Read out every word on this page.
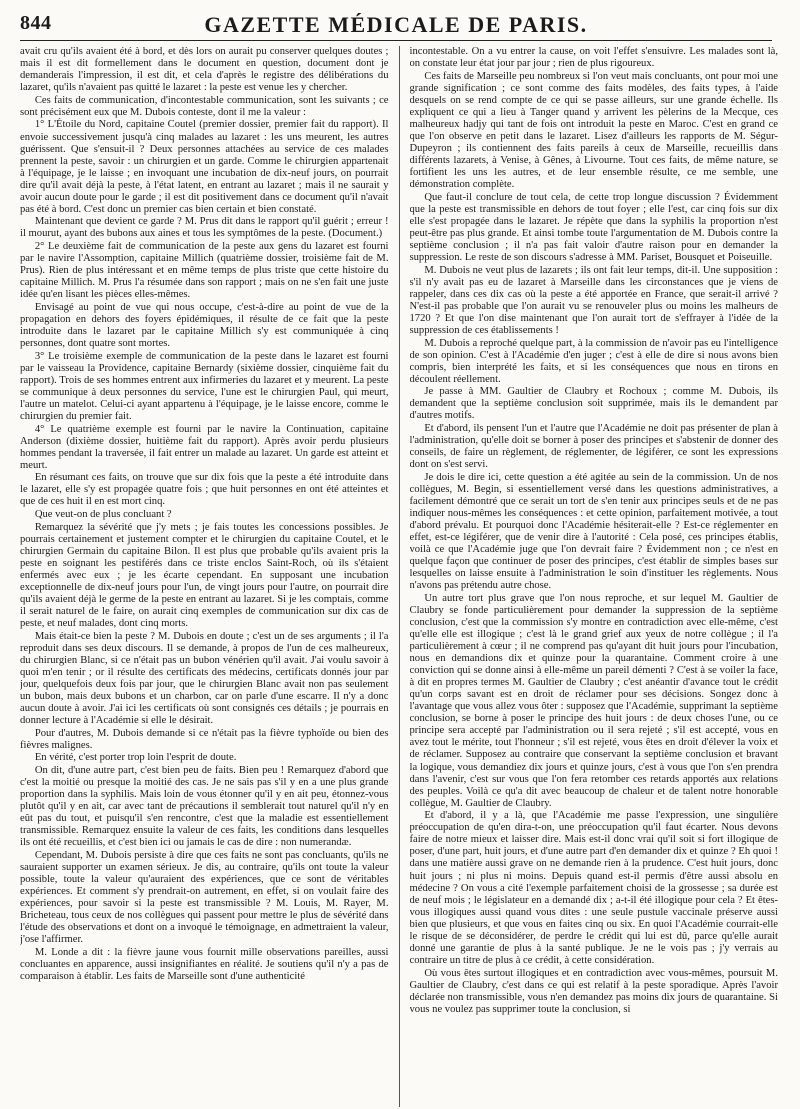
844	GAZETTE MÉDICALE DE PARIS.

avait cru qu'ils avaient été à bord, et dès lors on aurait pu conserver quelques doutes ; mais il est dit formellement dans le document en question, document dont je demanderais l'impression, il est dit, et cela d'après le registre des délibérations du lazaret, qu'ils n'avaient pas quitté le lazaret : la peste est venue les y chercher.

Ces faits de communication, d'incontestable communication, sont les suivants ; ce sont précisément eux que M. Dubois conteste, dont il me la valeur :

1° L'Étoile du Nord, capitaine Coutel (premier dossier, premier fait du rapport). Il envoie successivement jusqu'à cinq malades au lazaret : les uns meurent, les autres guérissent. Que s'ensuit-il ? Deux personnes attachées au service de ces malades prennent la peste, savoir : un chirurgien et un garde. Comme le chirurgien appartenait à l'équipage, je le laisse ; en invoquant une incubation de dix-neuf jours, on pourrait dire qu'il avait déjà la peste, à l'état latent, en entrant au lazaret ; mais il ne saurait y avoir aucun doute pour le garde ; il est dit positivement dans ce document qu'il n'avait pas été à bord. C'est donc un premier cas bien certain et bien constaté.

Maintenant que devient ce garde ? M. Prus dit dans le rapport qu'il guérit ; erreur ! il mourut, ayant des bubons aux aines et tous les symptômes de la peste. (Document.)

2° Le deuxième fait de communication de la peste aux gens du lazaret est fourni par le navire l'Assomption, capitaine Millich (quatrième dossier, troisième fait de M. Prus). Rien de plus intéressant et en même temps de plus triste que cette histoire du capitaine Millich. M. Prus l'a résumée dans son rapport ; mais on ne s'en fait une juste idée qu'en lisant les pièces elles-mêmes.

Envisagé au point de vue qui nous occupe, c'est-à-dire au point de vue de la propagation en dehors des foyers épidémiques, il résulte de ce fait que la peste introduite dans le lazaret par le capitaine Millich s'y est communiquée à cinq personnes, dont quatre sont mortes.

3° Le troisième exemple de communication de la peste dans le lazaret est fourni par le vaisseau la Providence, capitaine Bernardy (sixième dossier, cinquième fait du rapport). Trois de ses hommes entrent aux infirmeries du lazaret et y meurent. La peste se communique à deux personnes du service, l'une est le chirurgien Paul, qui meurt, l'autre un matelot. Celui-ci ayant appartenu à l'équipage, je le laisse encore, comme le chirurgien du premier fait.

4° Le quatrième exemple est fourni par le navire la Continuation, capitaine Anderson (dixième dossier, huitième fait du rapport). Après avoir perdu plusieurs hommes pendant la traversée, il fait entrer un malade au lazaret. Un garde est atteint et meurt.

En résumant ces faits, on trouve que sur dix fois que la peste a été introduite dans le lazaret, elle s'y est propagée quatre fois ; que huit personnes en ont été atteintes et que de ces huit il en est mort cinq.

Que veut-on de plus concluant ?

Remarquez la sévérité que j'y mets ; je fais toutes les concessions possibles. Je pourrais certainement et justement compter et le chirurgien du capitaine Coutel, et le chirurgien Germain du capitaine Bilon. Il est plus que probable qu'ils avaient pris la peste en soignant les pestiférés dans ce triste enclos Saint-Roch, où ils s'étaient enfermés avec eux ; je les écarte cependant. En supposant une incubation exceptionnelle de dix-neuf jours pour l'un, de vingt jours pour l'autre, on pourrait dire qu'ils avaient déjà le germe de la peste en entrant au lazaret. Si je les comptais, comme il serait naturel de le faire, on aurait cinq exemples de communication sur dix cas de peste, et neuf malades, dont cinq morts.

Mais était-ce bien la peste ? M. Dubois en doute ; c'est un de ses arguments ; il l'a reproduit dans ses deux discours. Il se demande, à propos de l'un de ces malheureux, du chirurgien Blanc, si ce n'était pas un bubon vénérien qu'il avait. J'ai voulu savoir à quoi m'en tenir ; or il résulte des certificats des médecins, certificats donnés jour par jour, quelquefois deux fois par jour, que le chirurgien Blanc avait non pas seulement un bubon, mais deux bubons et un charbon, car on parle d'une escarre. Il n'y a donc aucun doute à avoir. J'ai ici les certificats où sont consignés ces détails ; je pourrais en donner lecture à l'Académie si elle le désirait.

Pour d'autres, M. Dubois demande si ce n'était pas la fièvre typhoïde ou bien des fièvres malignes.

En vérité, c'est porter trop loin l'esprit de doute.

On dit, d'une autre part, c'est bien peu de faits. Bien peu ! Remarquez d'abord que c'est la moitié ou presque la moitié des cas. Je ne sais pas s'il y en a une plus grande proportion dans la syphilis. Mais loin de vous étonner qu'il y en ait peu, étonnez-vous plutôt qu'il y en ait, car avec tant de précautions il semblerait tout naturel qu'il n'y en eût pas du tout, et puisqu'il s'en rencontre, c'est que la maladie est essentiellement transmissible. Remarquez ensuite la valeur de ces faits, les conditions dans lesquelles ils ont été recueillis, et c'est bien ici ou jamais le cas de dire : non numerandæ.

Cependant, M. Dubois persiste à dire que ces faits ne sont pas concluants, qu'ils ne sauraient supporter un examen sérieux. Je dis, au contraire, qu'ils ont toute la valeur possible, toute la valeur qu'auraient des expériences, que ce sont de véritables expériences. Et comment s'y prendrait-on autrement, en effet, si on voulait faire des expériences, pour savoir si la peste est transmissible ? M. Louis, M. Rayer, M. Bricheteau, tous ceux de nos collègues qui passent pour mettre le plus de sévérité dans l'étude des observations et dont on a invoqué le témoignage, en admettraient la valeur, j'ose l'affirmer.

M. Londe a dit : la fièvre jaune vous fournit mille observations pareilles, aussi concluantes en apparence, aussi insignifiantes en réalité. Je soutiens qu'il n'y a pas de comparaison à établir. Les faits de Marseille sont d'une authenticité

incontestable. On a vu entrer la cause, on voit l'effet s'ensuivre. Les malades sont là, on constate leur état jour par jour ; rien de plus rigoureux.

Ces faits de Marseille peu nombreux si l'on veut mais concluants, ont pour moi une grande signification ; ce sont comme des faits modèles, des faits types, à l'aide desquels on se rend compte de ce qui se passe ailleurs, sur une grande échelle. Ils expliquent ce qui a lieu à Tanger quand y arrivent les pèlerins de la Mecque, ces malheureux hadjy qui tant de fois ont introduit la peste en Maroc. C'est en grand ce que l'on observe en petit dans le lazaret. Lisez d'ailleurs les rapports de M. Ségur-Dupeyron ; ils contiennent des faits pareils à ceux de Marseille, recueillis dans différents lazarets, à Venise, à Gênes, à Livourne. Tout ces faits, de même nature, se fortifient les uns les autres, et de leur ensemble résulte, ce me semble, une démonstration complète.

Que faut-il conclure de tout cela, de cette trop longue discussion ? Évidemment que la peste est transmissible en dehors de tout foyer ; elle l'est, car cinq fois sur dix elle s'est propagée dans le lazaret. Je répète que dans la syphilis la proportion n'est peut-être pas plus grande. Et ainsi tombe toute l'argumentation de M. Dubois contre la septième conclusion ; il n'a pas fait valoir d'autre raison pour en demander la suppression. Le reste de son discours s'adresse à MM. Pariset, Bousquet et Poiseuille.

M. Dubois ne veut plus de lazarets ; ils ont fait leur temps, dit-il. Une supposition : s'il n'y avait pas eu de lazaret à Marseille dans les circonstances que je viens de rappeler, dans ces dix cas où la peste a été apportée en France, que serait-il arrivé ? N'est-il pas probable que l'on aurait vu se renouveler plus ou moins les malheurs de 1720 ? Et que l'on dise maintenant que l'on aurait tort de s'effrayer à l'idée de la suppression de ces établissements !

M. Dubois a reproché quelque part, à la commission de n'avoir pas eu l'intelligence de son opinion. C'est à l'Académie d'en juger ; c'est à elle de dire si nous avons bien compris, bien interprété les faits, et si les conséquences que nous en tirons en découlent réellement.

Je passe à MM. Gaultier de Claubry et Rochoux ; comme M. Dubois, ils demandent que la septième conclusion soit supprimée, mais ils le demandent par d'autres motifs.

Et d'abord, ils pensent l'un et l'autre que l'Académie ne doit pas présenter de plan à l'administration, qu'elle doit se borner à poser des principes et s'abstenir de donner des conseils, de faire un règlement, de réglementer, de légiférer, ce sont les expressions dont on s'est servi.

Je dois le dire ici, cette question a été agitée au sein de la commission. Un de nos collègues, M. Begin, si essentiellement versé dans les questions administratives, a facilement démontré que ce serait un tort de s'en tenir aux principes seuls et de ne pas indiquer nous-mêmes les conséquences : et cette opinion, parfaitement motivée, a tout d'abord prévalu. Et pourquoi donc l'Académie hésiterait-elle ? Est-ce réglementer en effet, est-ce légiférer, que de venir dire à l'autorité : Cela posé, ces principes établis, voilà ce que l'Académie juge que l'on devrait faire ? Évidemment non ; ce n'est en quelque façon que continuer de poser des principes, c'est établir de simples bases sur lesquelles on laisse ensuite à l'administration le soin d'instituer les règlements. Nous n'avons pas prétendu autre chose.

Un autre tort plus grave que l'on nous reproche, et sur lequel M. Gaultier de Claubry se fonde particulièrement pour demander la suppression de la septième conclusion, c'est que la commission s'y montre en contradiction avec elle-même, c'est qu'elle elle est illogique ; c'est là le grand grief aux yeux de notre collègue ; il l'a particulièrement à cœur ; il ne comprend pas qu'ayant dit huit jours pour l'incubation, nous en demandions dix et quinze pour la quarantaine. Comment croire à une conviction qui se donne ainsi à elle-même un pareil démenti ? C'est à se voiler la face, à dit en propres termes M. Gaultier de Claubry ; c'est anéantir d'avance tout le crédit qu'un corps savant est en droit de réclamer pour ses décisions. Songez donc à l'avantage que vous allez vous ôter : supposez que l'Académie, supprimant la septième conclusion, se borne à poser le principe des huit jours : de deux choses l'une, ou ce principe sera accepté par l'administration ou il sera rejeté ; s'il est accepté, vous en avez tout le mérite, tout l'honneur ; s'il est rejeté, vous êtes en droit d'élever la voix et de réclamer. Supposez au contraire que conservant la septième conclusion et bravant la logique, vous demandiez dix jours et quinze jours, c'est à vous que l'on s'en prendra dans l'avenir, c'est sur vous que l'on fera retomber ces retards apportés aux relations des peuples. Voilà ce qu'a dit avec beaucoup de chaleur et de talent notre honorable collègue, M. Gaultier de Claubry.

Et d'abord, il y a là, que l'Académie me passe l'expression, une singulière préoccupation de qu'en dira-t-on, une préoccupation qu'il faut écarter. Nous devons faire de notre mieux et laisser dire. Mais est-il donc vrai qu'il soit si fort illogique de poser, d'une part, huit jours, et d'une autre part d'en demander dix et quinze ? Eh quoi ! dans une matière aussi grave on ne demande rien à la prudence. C'est huit jours, donc huit jours ; ni plus ni moins. Depuis quand est-il permis d'être aussi absolu en médecine ? On vous a cité l'exemple parfaitement choisi de la grossesse ; sa durée est de neuf mois ; le législateur en a demandé dix ; a-t-il été illogique pour cela ? Et êtes-vous illogiques aussi quand vous dites : une seule pustule vaccinale préserve aussi bien que plusieurs, et que vous en faites cinq ou six. En quoi l'Académie courrait-elle le risque de se déconsidérer, de perdre le crédit qui lui est dû, parce qu'elle aurait donné une garantie de plus à la santé publique. Je ne le vois pas ; j'y verrais au contraire un titre de plus à ce crédit, à cette considération.

Où vous êtes surtout illogiques et en contradiction avec vous-mêmes, poursuit M. Gaultier de Claubry, c'est dans ce qui est relatif à la peste sporadique. Après l'avoir déclarée non transmissible, vous n'en demandez pas moins dix jours de quarantaine. Si vous ne voulez pas supprimer toute la conclusion, si
